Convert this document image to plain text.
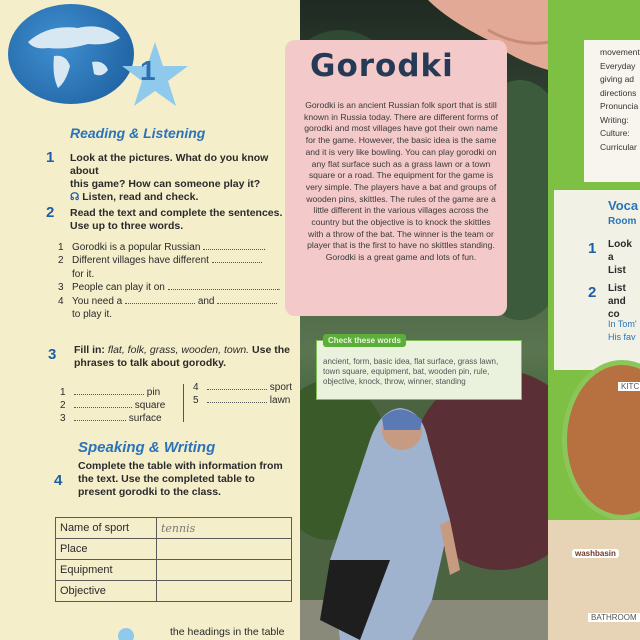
1
Reading & Listening
1 Look at the pictures. What do you know about
this game? How can someone play it?
☊ Listen, read and check.
2 Read the text and complete the sentences.
Use up to three words.
1 Gorodki is a popular Russian	.
2 Different villages have different
for it.
3 People can play it on	.
4 You need a	and
to play it.
3 Fill in: flat, folk, grass, wooden, town. Use the
phrases to talk about gorodky.
1	pin
2	square
3	surface
4	sport
5	lawn
Speaking & Writing
4
Complete the table with information from
the text. Use the completed table to
present gorodki to the class.
Name of sport	tennis
Place	
Equipment	
Objective	
the headings in the table
Gorodki
Gorodki is an ancient Russian folk sport that is still known in Russia today. There are different forms of gorodki and most villages have got their own name for the game. However, the basic idea is the same and it is very like bowling. You can play gorodki on any flat surface such as a grass lawn or a town square or a road. The equipment for the game is very simple. The players have a bat and groups of wooden pins, skittles. The rules of the game are a little different in the various villages across the country but the objective is to knock the skittles with a throw of the bat. The winner is the team or player that is the first to have no skittles standing. Gorodki is a great game and lots of fun.
Check these words
ancient, form, basic idea, flat surface, grass lawn, town square, equipment, bat, wooden pin, rule, objective, knock, throw, winner, standing
movement
Everyday
giving ad
directions
Pronuncia
Writing:
Culture:
Curricular
Voca
Room
1 Look a
List
2 List
and co
In Tom'
His fav
KITC
washbasin
BATHROOM
